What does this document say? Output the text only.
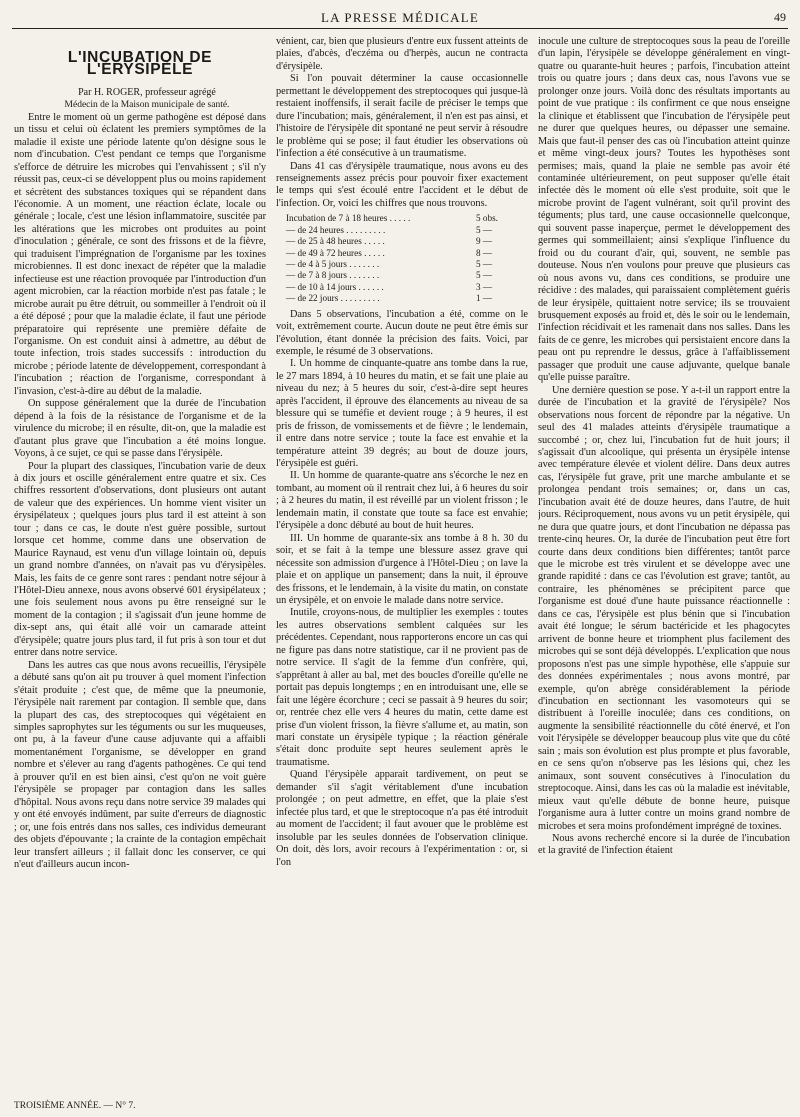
LA PRESSE MÉDICALE	49
L'INCUBATION DE L'ÉRYSIPÈLE

Par H. ROGER, professeur agrégé

Médecin de la Maison municipale de santé.

Entre le moment où un germe pathogène est déposé dans un tissu et celui où éclatent les premiers symptômes de la maladie il existe une période latente qu'on désigne sous le nom d'incubation. C'est pendant ce temps que l'organisme s'efforce de détruire les microbes qui l'envahissent ; s'il n'y réussit pas, ceux-ci se développent plus ou moins rapidement et sécrètent des substances toxiques qui se répandent dans l'économie. A un moment, une réaction éclate, locale ou générale ; locale, c'est une lésion inflammatoire, suscitée par les altérations que les microbes ont produites au point d'inoculation ; générale, ce sont des frissons et de la fièvre, qui traduisent l'imprégnation de l'organisme par les toxines microbiennes. Il est donc inexact de répéter que la maladie infectieuse est une réaction provoquée par l'introduction d'un agent microbien, car la réaction morbide n'est pas fatale ; le microbe aurait pu être détruit, ou sommeiller à l'endroit où il a été déposé ; pour que la maladie éclate, il faut une période préparatoire qui représente une première défaite de l'organisme. On est conduit ainsi à admettre, au début de toute infection, trois stades successifs : introduction du microbe ; période latente de développement, correspondant à l'incubation ; réaction de l'organisme, correspondant à l'invasion, c'est-à-dire au début de la maladie.

On suppose généralement que la durée de l'incubation dépend à la fois de la résistance de l'organisme et de la virulence du microbe; il en résulte, dit-on, que la maladie est d'autant plus grave que l'incubation a été moins longue. Voyons, à ce sujet, ce qui se passe dans l'érysipèle.

Pour la plupart des classiques, l'incubation varie de deux à dix jours et oscille généralement entre quatre et six. Ces chiffres ressortent d'observations, dont plusieurs ont autant de valeur que des expériences. Un homme vient visiter un érysipélateux ; quelques jours plus tard il est atteint à son tour ; dans ce cas, le doute n'est guère possible, surtout lorsque cet homme, comme dans une observation de Maurice Raynaud, est venu d'un village lointain où, depuis un grand nombre d'années, on n'avait pas vu d'érysipèles. Mais, les faits de ce genre sont rares : pendant notre séjour à l'Hôtel-Dieu annexe, nous avons observé 601 érysipélateux ; une fois seulement nous avons pu être renseigné sur le moment de la contagion ; il s'agissait d'un jeune homme de dix-sept ans, qui était allé voir un camarade atteint d'érysipèle; quatre jours plus tard, il fut pris à son tour et dut entrer dans notre service.

Dans les autres cas que nous avons recueillis, l'érysipèle a débuté sans qu'on ait pu trouver à quel moment l'infection s'était produite ; c'est que, de même que la pneumonie, l'érysipèle nait rarement par contagion. Il semble que, dans la plupart des cas, des streptocoques qui végétaient en simples saprophytes sur les téguments ou sur les muqueuses, ont pu, à la faveur d'une cause adjuvante qui a affaibli momentanément l'organisme, se développer en grand nombre et s'élever au rang d'agents pathogènes. Ce qui tend à prouver qu'il en est bien ainsi, c'est qu'on ne voit guère l'érysipèle se propager par contagion dans les salles d'hôpital. Nous avons reçu dans notre service 39 malades qui y ont été envoyés indûment, par suite d'erreurs de diagnostic ; or, une fois entrés dans nos salles, ces individus demeurant des objets d'épouvante ; la crainte de la contagion empêchait leur transfert ailleurs ; il fallait donc les conserver, ce qui n'eut d'ailleurs aucun incon-

vénient, car, bien que plusieurs d'entre eux fussent atteints de plaies, d'abcès, d'eczéma ou d'herpès, aucun ne contracta d'érysipèle.

Si l'on pouvait déterminer la cause occasionnelle permettant le développement des streptocoques qui jusque-là restaient inoffensifs, il serait facile de préciser le temps que dure l'incubation; mais, généralement, il n'en est pas ainsi, et l'histoire de l'érysipèle dit spontané ne peut servir à résoudre le problème qui se pose; il faut étudier les observations où l'infection a été consécutive à un traumatisme.

Dans 41 cas d'érysipèle traumatique, nous avons eu des renseignements assez précis pour pouvoir fixer exactement le temps qui s'est écoulé entre l'accident et le début de l'infection. Or, voici les chiffres que nous trouvons.

Incubation de 7 à 18 heures . . . . .	5 obs.
— de 24 heures . . . . . . . . .	5 —
— de 25 à 48 heures . . . . .	9 —
— de 49 à 72 heures . . . . .	8 —
— de 4 à 5 jours . . . . . . .	5 —
— de 7 à 8 jours . . . . . . .	5 —
— de 10 à 14 jours . . . . . .	3 —
— de 22 jours . . . . . . . . .	1 —

Dans 5 observations, l'incubation a été, comme on le voit, extrêmement courte. Aucun doute ne peut être émis sur l'évolution, étant donnée la précision des faits. Voici, par exemple, le résumé de 3 observations.

I. Un homme de cinquante-quatre ans tombe dans la rue, le 27 mars 1894, à 10 heures du matin, et se fait une plaie au niveau du nez; à 5 heures du soir, c'est-à-dire sept heures après l'accident, il éprouve des élancements au niveau de sa blessure qui se tuméfie et devient rouge ; à 9 heures, il est pris de frisson, de vomissements et de fièvre ; le lendemain, il entre dans notre service ; toute la face est envahie et la température atteint 39 degrés; au bout de douze jours, l'érysipèle est guéri.

II. Un homme de quarante-quatre ans s'écorche le nez en tombant, au moment où il rentrait chez lui, à 6 heures du soir ; à 2 heures du matin, il est réveillé par un violent frisson ; le lendemain matin, il constate que toute sa face est envahie; l'érysipèle a donc débuté au bout de huit heures.

III. Un homme de quarante-six ans tombe à 8 h. 30 du soir, et se fait à la tempe une blessure assez grave qui nécessite son admission d'urgence à l'Hôtel-Dieu ; on lave la plaie et on applique un pansement; dans la nuit, il éprouve des frissons, et le lendemain, à la visite du matin, on constate un érysipèle, et on envoie le malade dans notre service.

Inutile, croyons-nous, de multiplier les exemples : toutes les autres observations semblent calquées sur les précédentes. Cependant, nous rapporterons encore un cas qui ne figure pas dans notre statistique, car il ne provient pas de notre service. Il s'agit de la femme d'un confrère, qui, s'apprêtant à aller au bal, met des boucles d'oreille qu'elle ne portait pas depuis longtemps ; en en introduisant une, elle se fait une légère écorchure ; ceci se passait à 9 heures du soir; or, rentrée chez elle vers 4 heures du matin, cette dame est prise d'un violent frisson, la fièvre s'allume et, au matin, son mari constate un érysipèle typique ; la réaction générale s'était donc produite sept heures seulement après le traumatisme.

Quand l'érysipèle apparait tardivement, on peut se demander s'il s'agit véritablement d'une incubation prolongée ; on peut admettre, en effet, que la plaie s'est infectée plus tard, et que le streptocoque n'a pas été introduit au moment de l'accident; il faut avouer que le problème est insoluble par les seules données de l'observation clinique. On doit, dès lors, avoir recours à l'expérimentation : or, si l'on

inocule une culture de streptocoques sous la peau de l'oreille d'un lapin, l'érysipèle se développe généralement en vingt-quatre ou quarante-huit heures ; parfois, l'incubation atteint trois ou quatre jours ; dans deux cas, nous l'avons vue se prolonger onze jours. Voilà donc des résultats importants au point de vue pratique : ils confirment ce que nous enseigne la clinique et établissent que l'incubation de l'érysipèle peut ne durer que quelques heures, ou dépasser une semaine. Mais que faut-il penser des cas où l'incubation atteint quinze et même vingt-deux jours? Toutes les hypothèses sont permises; mais, quand la plaie ne semble pas avoir été contaminée ultérieurement, on peut supposer qu'elle était infectée dès le moment où elle s'est produite, soit que le microbe provint de l'agent vulnérant, soit qu'il provint des téguments; plus tard, une cause occasionnelle quelconque, qui souvent passe inaperçue, permet le développement des germes qui sommeillaient; ainsi s'explique l'influence du froid ou du courant d'air, qui, souvent, ne semble pas douteuse. Nous n'en voulons pour preuve que plusieurs cas où nous avons vu, dans ces conditions, se produire une récidive : des malades, qui paraissaient complètement guéris de leur érysipèle, quittaient notre service; ils se trouvaient brusquement exposés au froid et, dès le soir ou le lendemain, l'infection récidivait et les ramenait dans nos salles. Dans les faits de ce genre, les microbes qui persistaient encore dans la peau ont pu reprendre le dessus, grâce à l'affaiblissement passager que produit une cause adjuvante, quelque banale qu'elle puisse paraître.

Une dernière question se pose. Y a-t-il un rapport entre la durée de l'incubation et la gravité de l'érysipèle? Nos observations nous forcent de répondre par la négative. Un seul des 41 malades atteints d'érysipèle traumatique a succombé ; or, chez lui, l'incubation fut de huit jours; il s'agissait d'un alcoolique, qui présenta un érysipèle intense avec température élevée et violent délire. Dans deux autres cas, l'érysipèle fut grave, prit une marche ambulante et se prolongea pendant trois semaines; or, dans un cas, l'incubation avait été de douze heures, dans l'autre, de huit jours. Réciproquement, nous avons vu un petit érysipèle, qui ne dura que quatre jours, et dont l'incubation ne dépassa pas trente-cinq heures. Or, la durée de l'incubation peut être fort courte dans deux conditions bien différentes; tantôt parce que le microbe est très virulent et se développe avec une grande rapidité : dans ce cas l'évolution est grave; tantôt, au contraire, les phénomènes se précipitent parce que l'organisme est doué d'une haute puissance réactionnelle : dans ce cas, l'érysipèle est plus bénin que si l'incubation avait été longue; le sérum bactéricide et les phagocytes arrivent de bonne heure et triomphent plus facilement des microbes qui se sont déjà développés. L'explication que nous proposons n'est pas une simple hypothèse, elle s'appuie sur des données expérimentales ; nous avons montré, par exemple, qu'on abrège considérablement la période d'incubation en sectionnant les vasomoteurs qui se distribuent à l'oreille inoculée; dans ces conditions, on augmente la sensibilité réactionnelle du côté énervé, et l'on voit l'érysipèle se développer beaucoup plus vite que du côté sain ; mais son évolution est plus prompte et plus favorable, en ce sens qu'on n'observe pas les lésions qui, chez les animaux, sont souvent consécutives à l'inoculation du streptocoque. Ainsi, dans les cas où la maladie est inévitable, mieux vaut qu'elle débute de bonne heure, puisque l'organisme aura à lutter contre un moins grand nombre de microbes et sera moins profondément imprégné de toxines.

Nous avons recherché encore si la durée de l'incubation et la gravité de l'infection étaient

TROISIÈME ANNÉE. — N° 7.
